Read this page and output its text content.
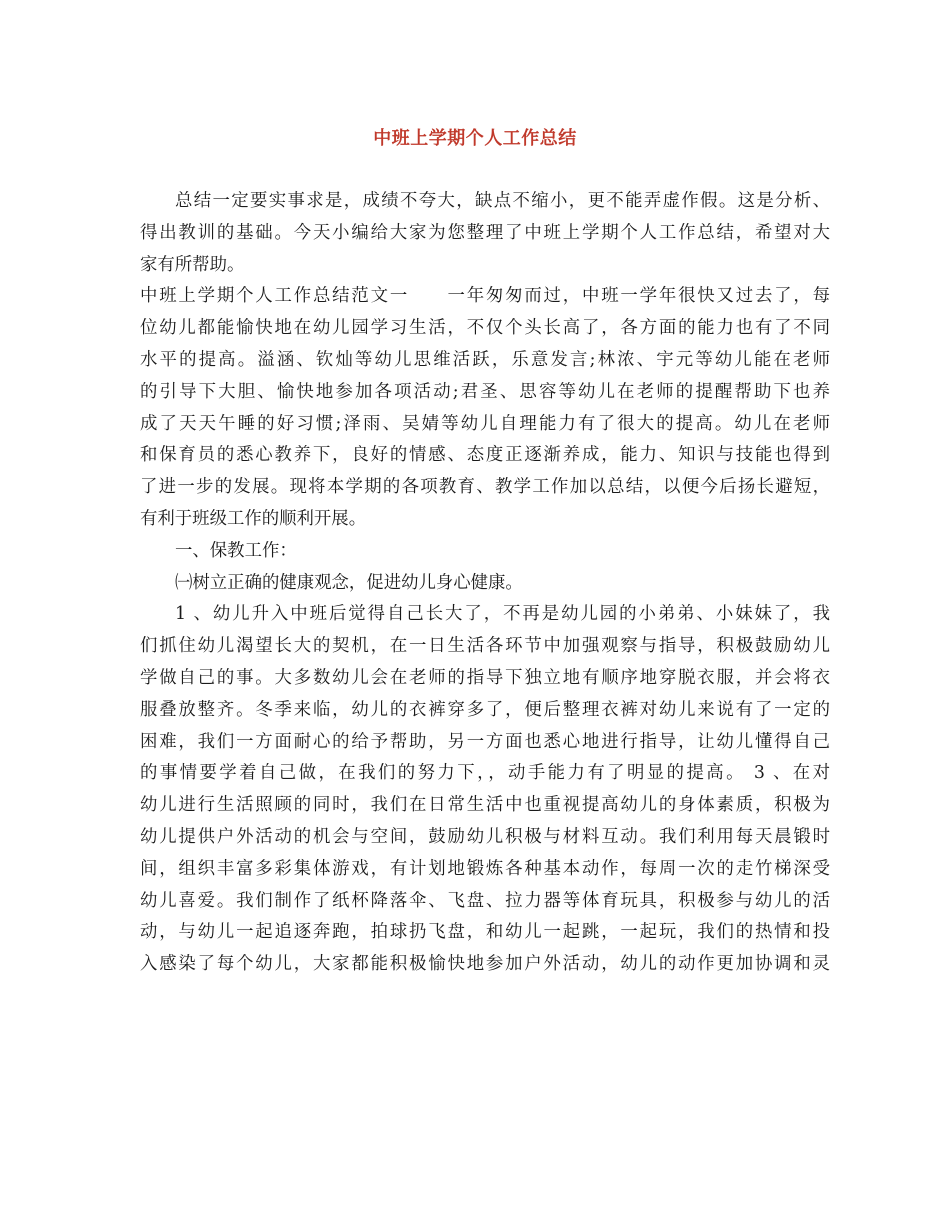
中班上学期个人工作总结
总结一定要实事求是，成绩不夸大，缺点不缩小，更不能弄虚作假。这是分析、
得出教训的基础。今天小编给大家为您整理了中班上学期个人工作总结，希望对大
家有所帮助。
中班上学期个人工作总结范文一　　一年匆匆而过，中班一学年很快又过去了，每
位幼儿都能愉快地在幼儿园学习生活，不仅个头长高了，各方面的能力也有了不同
水平的提高。溢涵、钦灿等幼儿思维活跃，乐意发言;林浓、宇元等幼儿能在老师
的引导下大胆、愉快地参加各项活动;君圣、思容等幼儿在老师的提醒帮助下也养
成了天天午睡的好习惯;泽雨、吴婧等幼儿自理能力有了很大的提高。幼儿在老师
和保育员的悉心教养下，良好的情感、态度正逐渐养成，能力、知识与技能也得到
了进一步的发展。现将本学期的各项教育、教学工作加以总结，以便今后扬长避短，
有利于班级工作的顺利开展。
一、保教工作：
㈠树立正确的健康观念，促进幼儿身心健康。
1 、幼儿升入中班后觉得自己长大了，不再是幼儿园的小弟弟、小妹妹了，我
们抓住幼儿渴望长大的契机，在一日生活各环节中加强观察与指导，积极鼓励幼儿
学做自己的事。大多数幼儿会在老师的指导下独立地有顺序地穿脱衣服，并会将衣
服叠放整齐。冬季来临，幼儿的衣裤穿多了，便后整理衣裤对幼儿来说有了一定的
困难，我们一方面耐心的给予帮助，另一方面也悉心地进行指导，让幼儿懂得自己
的事情要学着自己做，在我们的努力下，，动手能力有了明显的提高。 3 、在对
幼儿进行生活照顾的同时，我们在日常生活中也重视提高幼儿的身体素质，积极为
幼儿提供户外活动的机会与空间，鼓励幼儿积极与材料互动。我们利用每天晨锻时
间，组织丰富多彩集体游戏，有计划地锻炼各种基本动作，每周一次的走竹梯深受
幼儿喜爱。我们制作了纸杯降落伞、飞盘、拉力器等体育玩具，积极参与幼儿的活
动，与幼儿一起追逐奔跑，拍球扔飞盘，和幼儿一起跳，一起玩，我们的热情和投
入感染了每个幼儿，大家都能积极愉快地参加户外活动，幼儿的动作更加协调和灵
